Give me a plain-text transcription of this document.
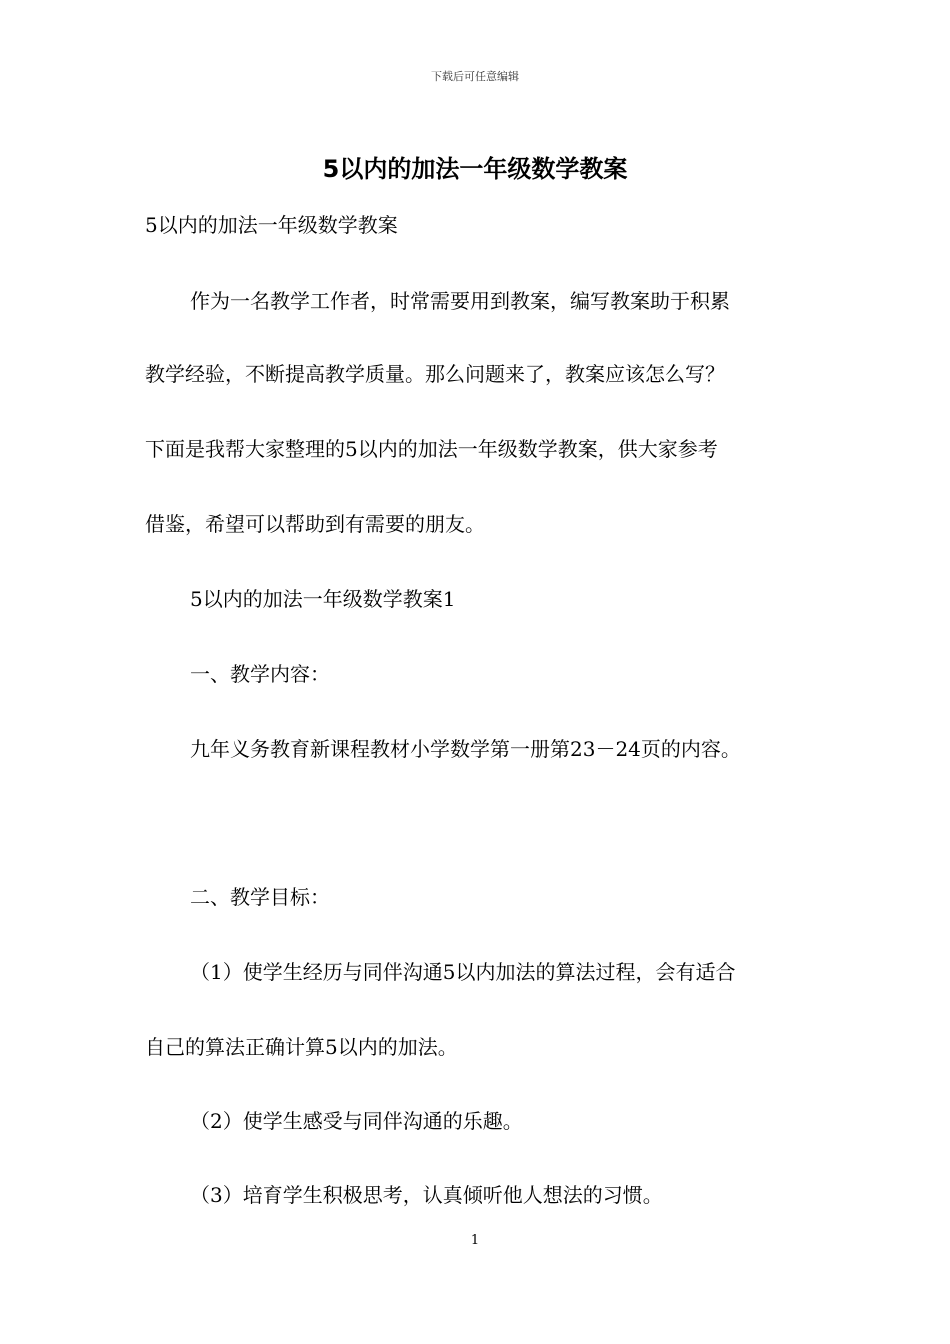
下载后可任意编辑
5以内的加法一年级数学教案
5以内的加法一年级数学教案
作为一名教学工作者，时常需要用到教案，编写教案助于积累
教学经验，不断提高教学质量。那么问题来了，教案应该怎么写？
下面是我帮大家整理的5以内的加法一年级数学教案，供大家参考
借鉴，希望可以帮助到有需要的朋友。
5以内的加法一年级数学教案1
一、教学内容：
九年义务教育新课程教材小学数学第一册第23－24页的内容。
二、教学目标：
（1）使学生经历与同伴沟通5以内加法的算法过程，会有适合
自己的算法正确计算5以内的加法。
（2）使学生感受与同伴沟通的乐趣。
（3）培育学生积极思考，认真倾听他人想法的习惯。
1
